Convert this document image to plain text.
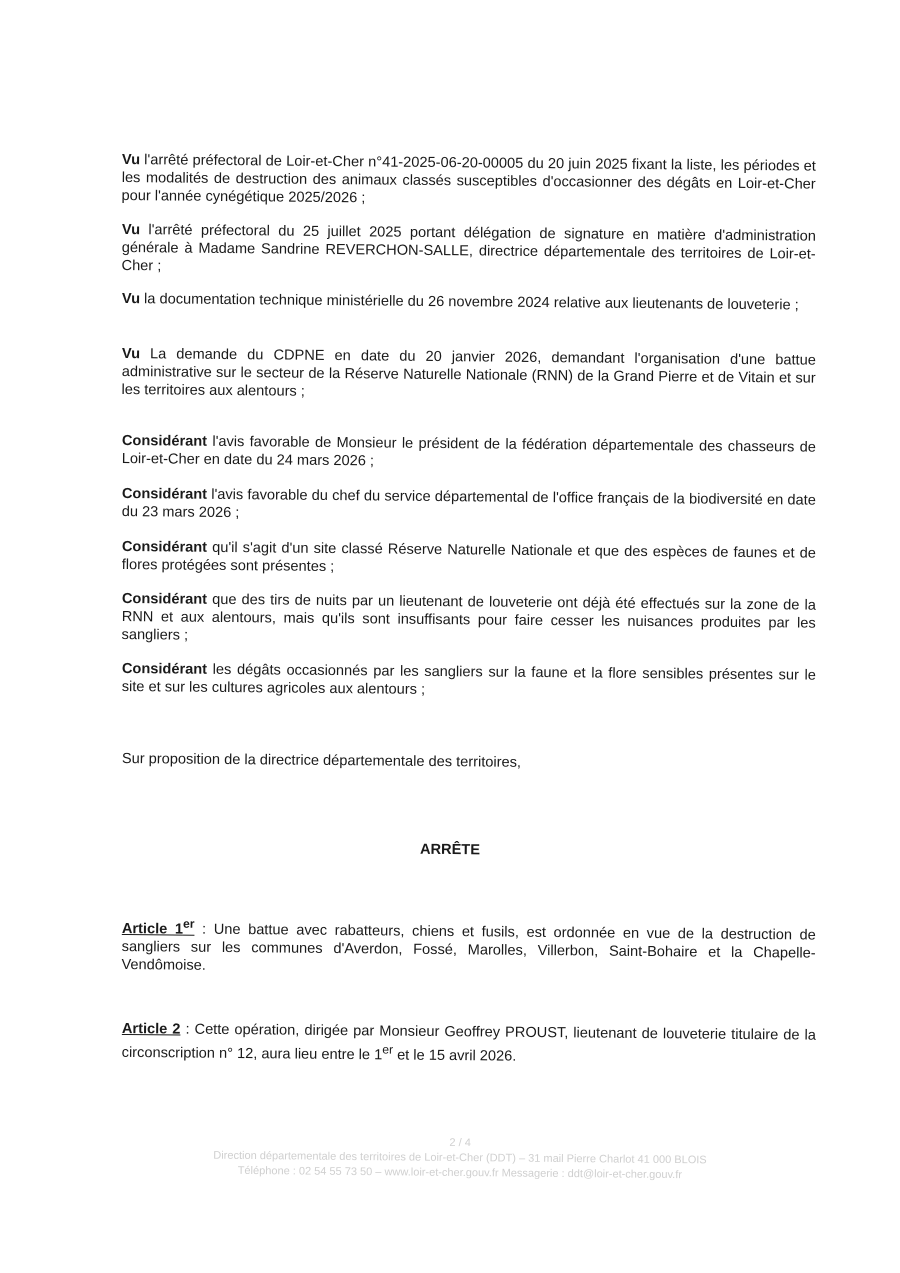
Vu l'arrêté préfectoral de Loir-et-Cher n°41-2025-06-20-00005 du 20 juin 2025 fixant la liste, les périodes et les modalités de destruction des animaux classés susceptibles d'occasionner des dégâts en Loir-et-Cher pour l'année cynégétique 2025/2026 ;
Vu l'arrêté préfectoral du 25 juillet 2025 portant délégation de signature en matière d'administration générale à Madame Sandrine REVERCHON-SALLE, directrice départementale des territoires de Loir-et-Cher ;
Vu la documentation technique ministérielle du 26 novembre 2024 relative aux lieutenants de louveterie ;
Vu La demande du CDPNE en date du 20 janvier 2026, demandant l'organisation d'une battue administrative sur le secteur de la Réserve Naturelle Nationale (RNN) de la Grand Pierre et de Vitain et sur les territoires aux alentours ;
Considérant l'avis favorable de Monsieur le président de la fédération départementale des chasseurs de Loir-et-Cher en date du 24 mars 2026 ;
Considérant l'avis favorable du chef du service départemental de l'office français de la biodiversité en date du 23 mars 2026 ;
Considérant qu'il s'agit d'un site classé Réserve Naturelle Nationale et que des espèces de faunes et de flores protégées sont présentes ;
Considérant que des tirs de nuits par un lieutenant de louveterie ont déjà été effectués sur la zone de la RNN et aux alentours, mais qu'ils sont insuffisants pour faire cesser les nuisances produites par les sangliers ;
Considérant les dégâts occasionnés par les sangliers sur la faune et la flore sensibles présentes sur le site et sur les cultures agricoles aux alentours ;
Sur proposition de la directrice départementale des territoires,
ARRÊTE
Article 1er : Une battue avec rabatteurs, chiens et fusils, est ordonnée en vue de la destruction de sangliers sur les communes d'Averdon, Fossé, Marolles, Villerbon, Saint-Bohaire et la Chapelle-Vendômoise.
Article 2 : Cette opération, dirigée par Monsieur Geoffrey PROUST, lieutenant de louveterie titulaire de la circonscription n° 12, aura lieu entre le 1er et le 15 avril 2026.
2 / 4
Direction départementale des territoires de Loir-et-Cher (DDT) – 31 mail Pierre Charlot 41 000 BLOIS
Téléphone : 02 54 55 73 50 – www.loir-et-cher.gouv.fr Messagerie : ddt@loir-et-cher.gouv.fr
